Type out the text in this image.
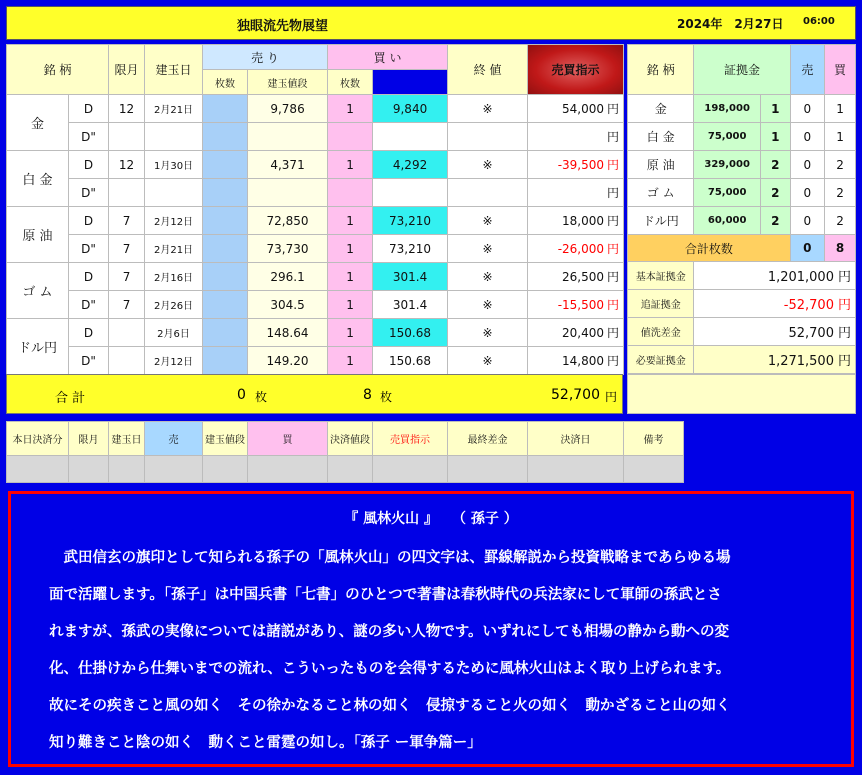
独眼流先物展望	2024年　2月27日 06:00
銘 柄		限月	建玉日	売 り		買 い		終 値	売買指示	
				枚数	建玉値段	枚数				
金	D	12	2月21日		9,786	1	9,840	※	54,000 円	
	D"								円	
白 金	D	12	1月30日		4,371	1	4,292	※	-39,500 円	
	D"								円	
原 油	D	7	2月12日		72,850	1	73,210	※	18,000 円	
	D"	7	2月21日		73,730	1	73,210	※	-26,000 円	
ゴ ム	D	7	2月16日		296.1	1	301.4	※	26,500 円	
	D"	7	2月26日		304.5	1	301.4	※	-15,500 円	
ドル円	D		2月6日		148.64	1	150.68	※	20,400 円	
	D"		2月12日		149.20	1	150.68	※	14,800 円	
合 計	0 枚	8 枚	52,700 円
銘 柄	証拠金		売	買
金	198,000	1	0	1
白 金	75,000	1	0	1
原 油	329,000	2	0	2
ゴ ム	75,000	2	0	2
ドル円	60,000	2	0	2
合計枚数			0	8
基本証拠金	1,201,000 円			
追証拠金	-52,700 円			
値洗差金	52,700 円			
必要証拠金	1,271,500 円			
本日決済分	限月	建玉日	売	建玉値段	買	決済値段	売買指示	最終差金	決済日	備考

『 風林火山 』　　（ 孫子 ）

武田信玄の旗印として知られる孫子の「風林火山」の四文字は、罫線解説から投資戦略まであらゆる場

面で活躍します。「孫子」は中国兵書「七書」のひとつで著書は春秋時代の兵法家にして軍師の孫武とさ

れますが、孫武の実像については諸説があり、謎の多い人物です。いずれにしても相場の静から動への変

化、仕掛けから仕舞いまでの流れ、こういったものを会得するために風林火山はよく取り上げられます。

故にその疾きこと風の如く　その徐かなること林の如く　侵掠すること火の如く　動かざること山の如く

知り難きこと陰の如く　動くこと雷霆の如し。「孫子 ー軍争篇ー」
